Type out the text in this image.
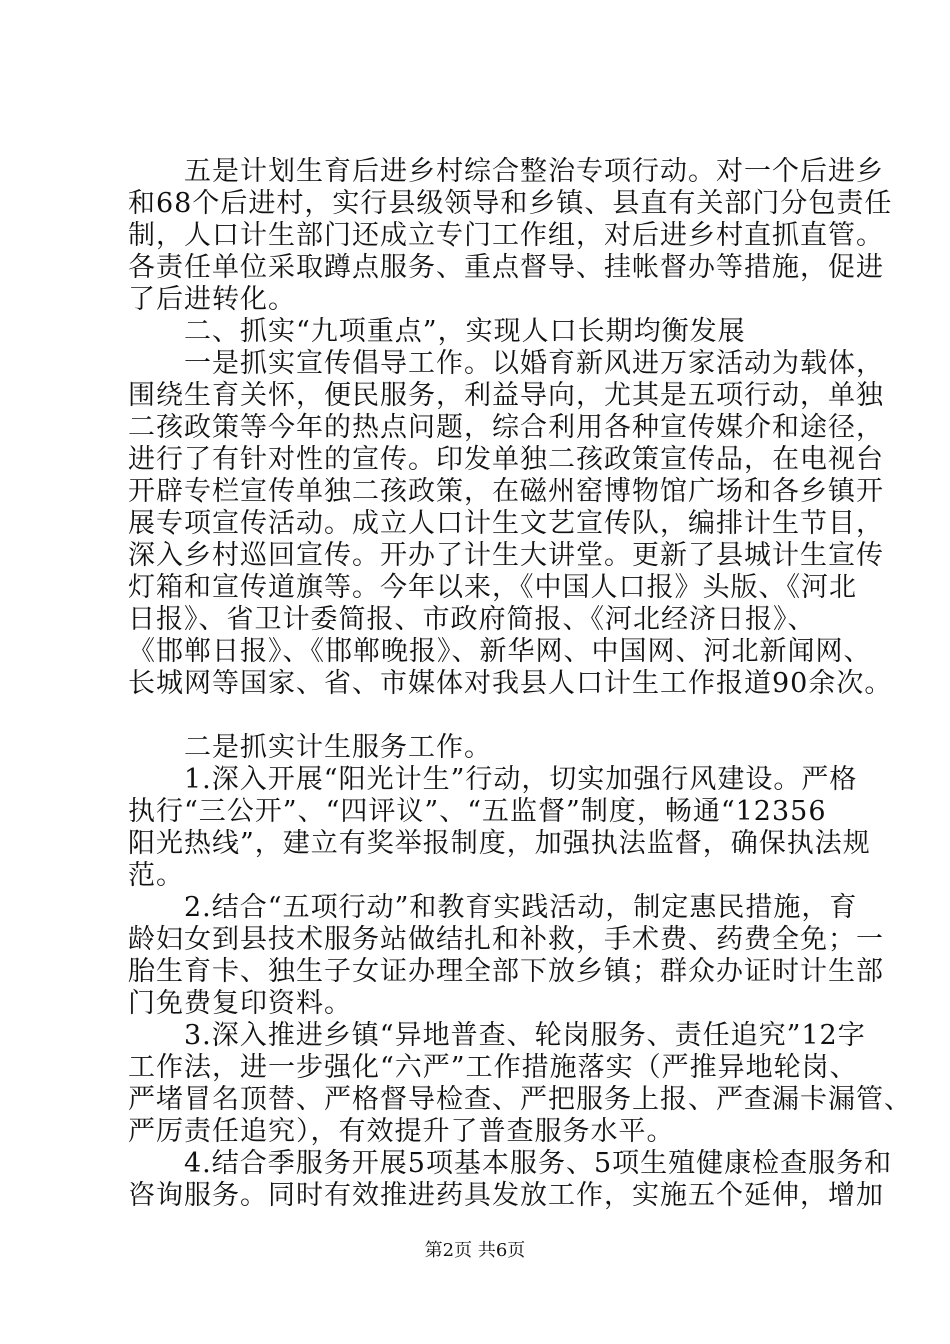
　　五是计划生育后进乡村综合整治专项行动。对一个后进乡
和68个后进村，实行县级领导和乡镇、县直有关部门分包责任
制，人口计生部门还成立专门工作组，对后进乡村直抓直管。
各责任单位采取蹲点服务、重点督导、挂帐督办等措施，促进
了后进转化。
　　二、抓实“九项重点”，实现人口长期均衡发展
　　一是抓实宣传倡导工作。以婚育新风进万家活动为载体，
围绕生育关怀，便民服务，利益导向，尤其是五项行动，单独
二孩政策等今年的热点问题，综合利用各种宣传媒介和途径，
进行了有针对性的宣传。印发单独二孩政策宣传品，在电视台
开辟专栏宣传单独二孩政策，在磁州窑博物馆广场和各乡镇开
展专项宣传活动。成立人口计生文艺宣传队，编排计生节目，
深入乡村巡回宣传。开办了计生大讲堂。更新了县城计生宣传
灯箱和宣传道旗等。今年以来，《中国人口报》头版、《河北
日报》、省卫计委简报、市政府简报、《河北经济日报》、
《邯郸日报》、《邯郸晚报》、新华网、中国网、河北新闻网、
长城网等国家、省、市媒体对我县人口计生工作报道90余次。
　　二是抓实计生服务工作。
　　1.深入开展“阳光计生”行动，切实加强行风建设。严格
执行“三公开”、“四评议”、“五监督”制度，畅通“12356
阳光热线”，建立有奖举报制度，加强执法监督，确保执法规
范。
　　2.结合“五项行动”和教育实践活动，制定惠民措施，育
龄妇女到县技术服务站做结扎和补救，手术费、药费全免；一
胎生育卡、独生子女证办理全部下放乡镇；群众办证时计生部
门免费复印资料。
　　3.深入推进乡镇“异地普查、轮岗服务、责任追究”12字
工作法，进一步强化“六严”工作措施落实（严推异地轮岗、
严堵冒名顶替、严格督导检查、严把服务上报、严查漏卡漏管、
严厉责任追究），有效提升了普查服务水平。
　　4.结合季服务开展5项基本服务、5项生殖健康检查服务和
咨询服务。同时有效推进药具发放工作，实施五个延伸，增加
第2页 共6页
